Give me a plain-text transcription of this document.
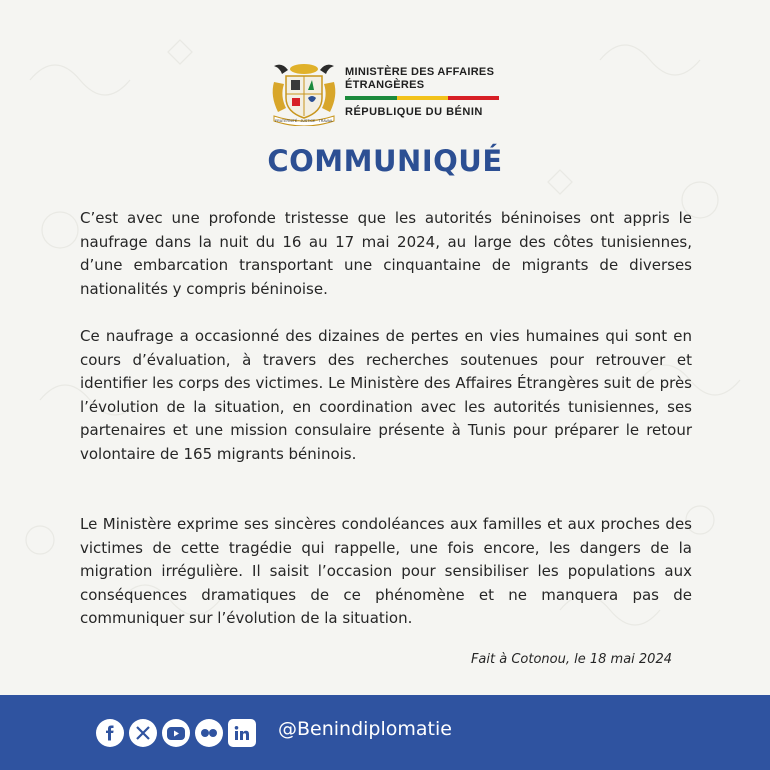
FRATERNITÉ · JUSTICE · TRAVAIL
MINISTÈRE DES AFFAIRES
ÉTRANGÈRES
RÉPUBLIQUE DU BÉNIN
COMMUNIQUÉ

C’est avec une profonde tristesse que les autorités béninoises ont appris le naufrage dans la nuit du 16 au 17 mai 2024, au large des côtes tunisiennes, d’une embarcation transportant une cinquantaine de migrants de diverses nationalités y compris béninoise.

Ce naufrage a occasionné des dizaines de pertes en vies humaines qui sont en cours d’évaluation, à travers des recherches soutenues pour retrouver et identifier les corps des victimes. Le Ministère des Affaires Étrangères suit de près l’évolution de la situation, en coordination avec les autorités tunisiennes, ses partenaires et une mission consulaire présente à Tunis pour préparer le retour volontaire de 165 migrants béninois.

Le Ministère exprime ses sincères condoléances aux familles et aux proches des victimes de cette tragédie qui rappelle, une fois encore, les dangers de la migration irrégulière. Il saisit l’occasion pour sensibiliser les populations aux conséquences dramatiques de ce phénomène et ne manquera pas de communiquer sur l’évolution de la situation.

Fait à Cotonou, le 18 mai 2024
@Benindiplomatie
